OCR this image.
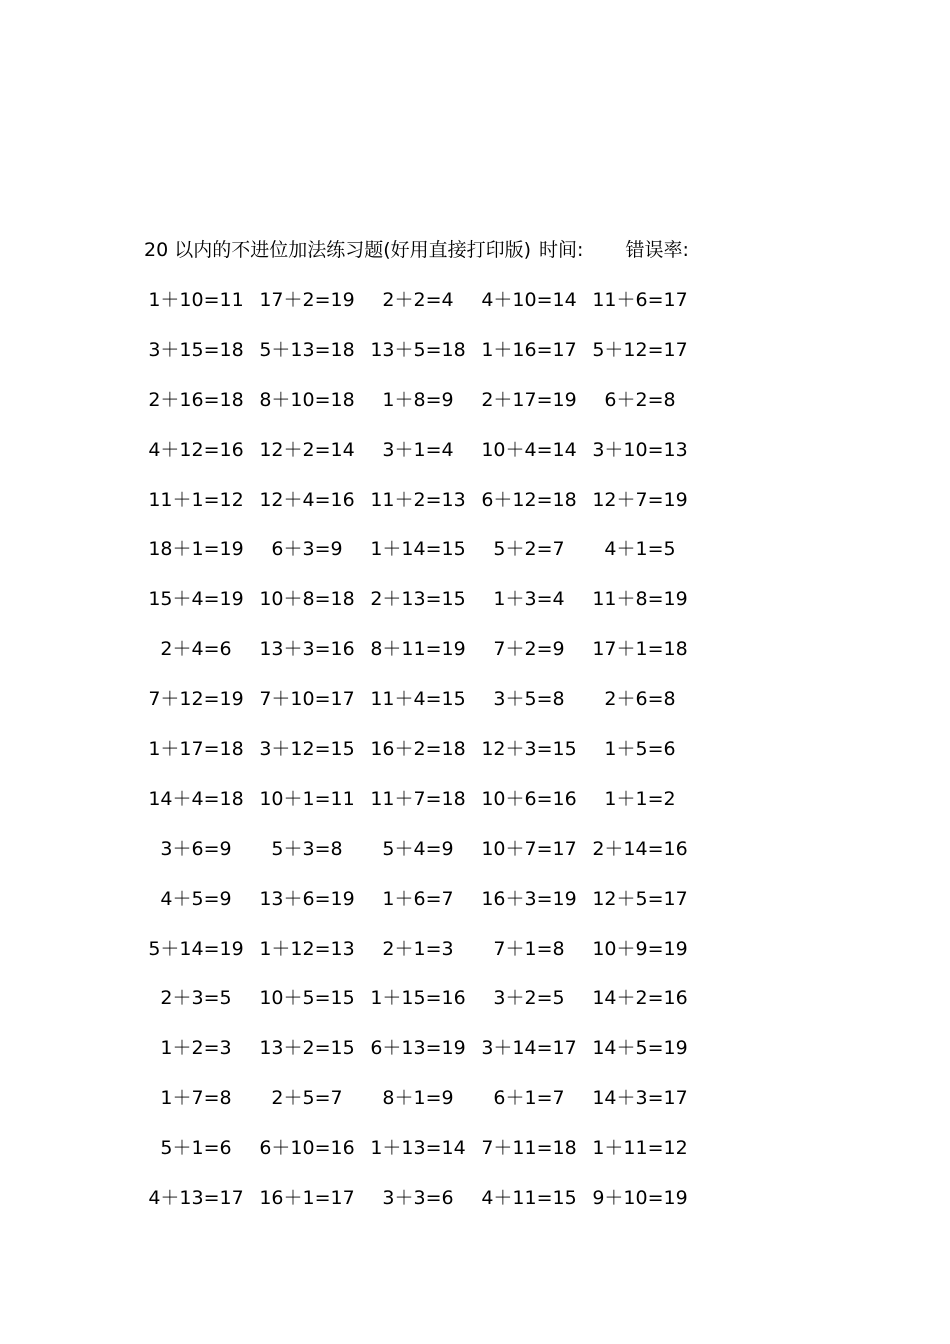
20 以内的不进位加法练习题(好用直接打印版) 时间: 错误率:
1＋10=11 17＋2=19	2＋2=4	4＋10=14 11＋6=17
3＋15=18 5＋13=18 13＋5=18 1＋16=17 5＋12=17
2＋16=18 8＋10=18	1＋8=9	2＋17=19	6＋2=8
4＋12=16 12＋2=14	3＋1=4	10＋4=14 3＋10=13
11＋1=12 12＋4=16 11＋2=13 6＋12=18 12＋7=19
18＋1=19	6＋3=9	1＋14=15	5＋2=7	4＋1=5
15＋4=19 10＋8=18 2＋13=15	1＋3=4	11＋8=19
2＋4=6	13＋3=16 8＋11=19	7＋2=9	17＋1=18
7＋12=19 7＋10=17 11＋4=15	3＋5=8	2＋6=8
1＋17=18 3＋12=15 16＋2=18 12＋3=15	1＋5=6
14＋4=18 10＋1=11 11＋7=18 10＋6=16	1＋1=2
3＋6=9	5＋3=8	5＋4=9	10＋7=17 2＋14=16
4＋5=9	13＋6=19	1＋6=7	16＋3=19 12＋5=17
5＋14=19 1＋12=13	2＋1=3	7＋1=8	10＋9=19
2＋3=5	10＋5=15 1＋15=16	3＋2=5	14＋2=16
1＋2=3	13＋2=15 6＋13=19 3＋14=17 14＋5=19
1＋7=8	2＋5=7	8＋1=9	6＋1=7	14＋3=17
5＋1=6	6＋10=16 1＋13=14 7＋11=18 1＋11=12
4＋13=17 16＋1=17	3＋3=6	4＋11=15 9＋10=19
